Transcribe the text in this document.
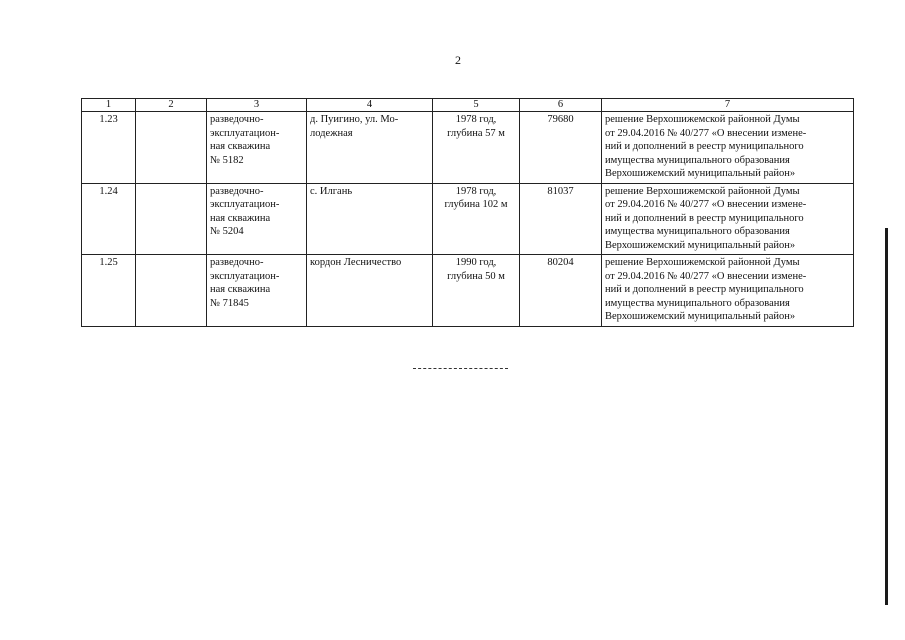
2
1	2	3	4	5	6	7

1.23		разведочно-
эксплуатацион-
ная скважина
№ 5182	д. Пуигино, ул. Мо-
лодежная	1978 год,
глубина 57 м	79680	решение Верхошижемской районной Думы
от 29.04.2016 № 40/277 «О внесении измене-
ний и дополнений в реестр муниципального
имущества муниципального образования
Верхошижемский муниципальный район»

1.24		разведочно-
эксплуатацион-
ная скважина
№ 5204	с. Илгань	1978 год,
глубина 102 м	81037	решение Верхошижемской районной Думы
от 29.04.2016 № 40/277 «О внесении измене-
ний и дополнений в реестр муниципального
имущества муниципального образования
Верхошижемский муниципальный район»

1.25		разведочно-
эксплуатацион-
ная скважина
№ 71845	кордон Лесничество	1990 год,
глубина 50 м	80204	решение Верхошижемской районной Думы
от 29.04.2016 № 40/277 «О внесении измене-
ний и дополнений в реестр муниципального
имущества муниципального образования
Верхошижемский муниципальный район»
